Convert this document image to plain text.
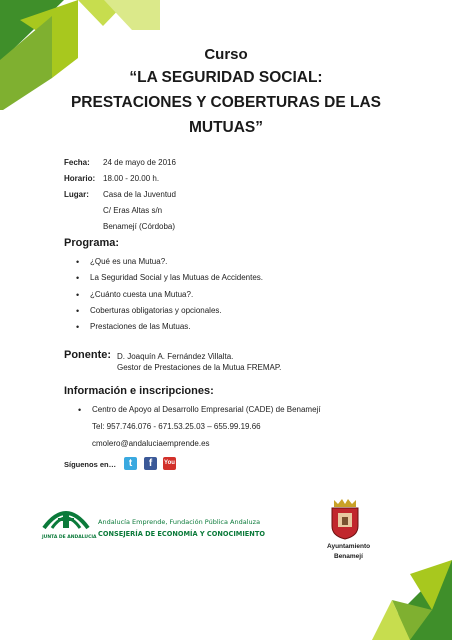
Curso
“LA SEGURIDAD SOCIAL:
PRESTACIONES Y COBERTURAS DE LAS
MUTUAS”
Fecha: 24 de mayo de 2016
Horario: 18.00 - 20.00 h.
Lugar: Casa de la Juventud
C/ Eras Altas s/n
Benamejí (Córdoba)
Programa:
• ¿Qué es una Mutua?.
• La Seguridad Social y las Mutuas de Accidentes.
• ¿Cuánto cuesta una Mutua?.
• Coberturas obligatorias y opcionales.
• Prestaciones de las Mutuas.
Ponente: D. Joaquín A. Fernández Villalta.
Gestor de Prestaciones de la Mutua FREMAP.
Información e inscripciones:
• Centro de Apoyo al Desarrollo Empresarial (CADE) de Benamejí
Tel: 957.746.076 - 671.53.25.03 – 655.99.19.66
cmolero@andaluciaemprende.es
Síguenos en…	t	f	You

JUNTA DE ANDALUCIA
Andalucía Emprende, Fundación Pública Andaluza
CONSEJERÍA DE ECONOMÍA Y CONOCIMIENTO
Ayuntamiento
Benamejí
